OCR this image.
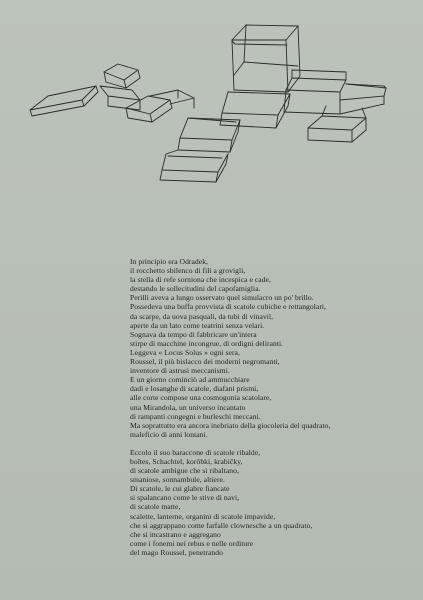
In principio era Odradek,
il rocchetto sbilenco di fili a grovigli,
la stella di refe sorniona che incespica e cade,
destando le sollecitudini del capofamiglia.
Perilli aveva a lungo osservato quel simulacro un po' brillo.
Possedeva una buffa provvista di scatole cubiche e rettangolari,
da scarpe, da uova pasquali, da tubi di vinavil,
aperte da un lato come teatrini senza velari.
Sognava da tempo di fabbricare un'intera
stirpe di macchine incongrue, di ordigni deliranti.
Leggeva « Locus Solus » ogni sera,
Roussel, il più bislacco dei moderni negromanti,
inventore di astrusi meccanismi.
E un giorno cominciò ad ammucchiare
dadi e losanghe di scatole, diafani prismi,
alle corte compose una cosmogonia scatolare,
una Mirandola, un universo incantato
di rampanti congegni e burleschi meccani.
Ma soprattutto era ancora inebriato della giocoleria del quadrato,
maleficio di anni lontani.
Eccolo il suo baraccone di scatole ribalde,
boîtes, Schachtel, korôbki, krabičky,
di scatole ambigue che si ribaltano,
smaniose, sonnambule, altiere.
Di scatole, le cui glabre fiancate
si spalancano come le stive di navi,
di scatole matte,
scalette, lanterne, organini di scatole impavide,
che si aggrappano come farfalle clownesche a un quadrato,
che si incastrano e aggregano
come i fonemi nei rebus e nelle orditure
del mago Roussel, penetrando
